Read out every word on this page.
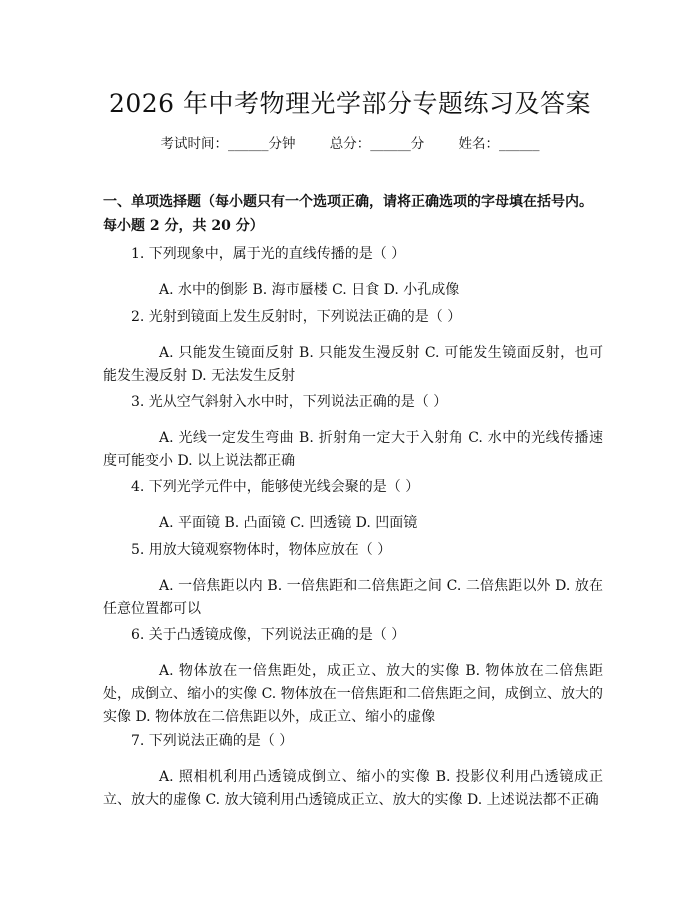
2026 年中考物理光学部分专题练习及答案
考试时间：______分钟	总分：______分	姓名：______
一、单项选择题（每小题只有一个选项正确，请将正确选项的字母填在括号内。每小题 2 分，共 20 分）
1. 下列现象中，属于光的直线传播的是（ ）
A. 水中的倒影 B. 海市蜃楼 C. 日食 D. 小孔成像
2. 光射到镜面上发生反射时，下列说法正确的是（ ）
A. 只能发生镜面反射 B. 只能发生漫反射 C. 可能发生镜面反射，也可能发生漫反射 D. 无法发生反射
3. 光从空气斜射入水中时，下列说法正确的是（ ）
A. 光线一定发生弯曲 B. 折射角一定大于入射角 C. 水中的光线传播速度可能变小 D. 以上说法都正确
4. 下列光学元件中，能够使光线会聚的是（ ）
A. 平面镜 B. 凸面镜 C. 凹透镜 D. 凹面镜
5. 用放大镜观察物体时，物体应放在（ ）
A. 一倍焦距以内 B. 一倍焦距和二倍焦距之间 C. 二倍焦距以外 D. 放在任意位置都可以
6. 关于凸透镜成像，下列说法正确的是（ ）
A. 物体放在一倍焦距处，成正立、放大的实像 B. 物体放在二倍焦距处，成倒立、缩小的实像 C. 物体放在一倍焦距和二倍焦距之间，成倒立、放大的实像 D. 物体放在二倍焦距以外，成正立、缩小的虚像
7. 下列说法正确的是（ ）
A. 照相机利用凸透镜成倒立、缩小的实像 B. 投影仪利用凸透镜成正立、放大的虚像 C. 放大镜利用凸透镜成正立、放大的实像 D. 上述说法都不正确
